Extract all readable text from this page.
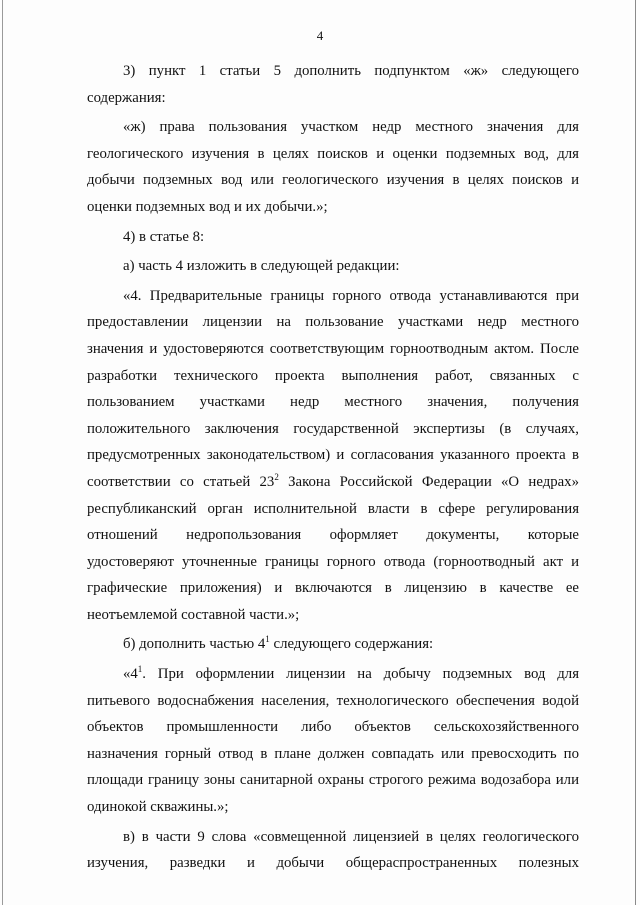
4
3) пункт 1 статьи 5 дополнить подпунктом «ж» следующего
содержания:
«ж) права пользования участком недр местного значения для
геологического изучения в целях поисков и оценки подземных вод, для
добычи подземных вод или геологического изучения в целях поисков и
оценки подземных вод и их добычи.»;
4) в статье 8:
а) часть 4 изложить в следующей редакции:
«4. Предварительные границы горного отвода устанавливаются при
предоставлении лицензии на пользование участками недр местного
значения и удостоверяются соответствующим горноотводным актом. После
разработки технического проекта выполнения работ, связанных с
пользованием участками недр местного значения, получения
положительного заключения государственной экспертизы (в случаях,
предусмотренных законодательством) и согласования указанного проекта в
соответствии со статьей $23^2$ Закона Российской Федерации «О недрах»
республиканский орган исполнительной власти в сфере регулирования
отношений недропользования оформляет документы, которые
удостоверяют уточненные границы горного отвода (горноотводный акт и
графические приложения) и включаются в лицензию в качестве ее
неотъемлемой составной части.»;
б) дополнить частью $4^1$ следующего содержания:
«$4^1$. При оформлении лицензии на добычу подземных вод для
питьевого водоснабжения населения, технологического обеспечения водой
объектов промышленности либо объектов сельскохозяйственного
назначения горный отвод в плане должен совпадать или превосходить по
площади границу зоны санитарной охраны строгого режима водозабора или
одинокой скважины.»;
в) в части 9 слова «совмещенной лицензией в целях геологического
изучения, разведки и добычи общераспространенных полезных
